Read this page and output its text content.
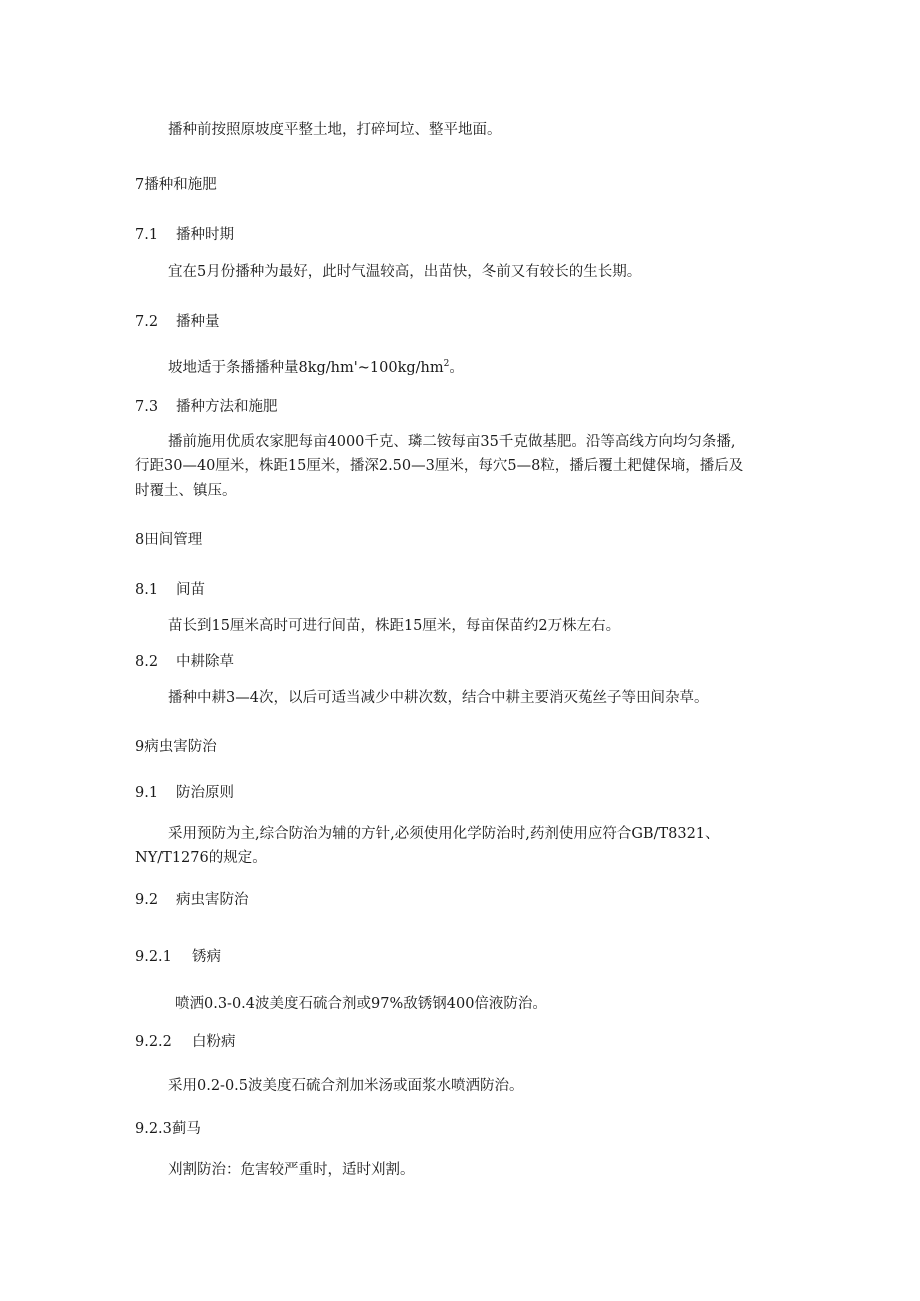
播种前按照原坡度平整土地，打碎坷垃、整平地面。
7播种和施肥
7.1 播种时期
宜在5月份播种为最好，此时气温较高，出苗快，冬前又有较长的生长期。
7.2 播种量
坡地适于条播播种量$8kg/hm'\sim 100kg/hm^2$。
7.3 播种方法和施肥
播前施用优质农家肥每亩4000千克、璘二铵每亩35千克做基肥。沿等高线方向均匀条播,
行距30—40厘米，株距15厘米，播深2.50—3厘米，每穴5—8粒，播后覆土耙健保墒，播后及
时覆土、镇压。
8田间管理
8.1 间苗
苗长到15厘米高时可进行间苗，株距15厘米，每亩保苗约2万株左右。
8.2 中耕除草
播种中耕3—4次，以后可适当减少中耕次数，结合中耕主要消灭菟丝子等田间杂草。
9病虫害防治
9.1 防治原则
采用预防为主,综合防治为辅的方针,必须使用化学防治时,药剂使用应符合GB/T8321、
NY/T1276的规定。
9.2 病虫害防治
9.2.1 锈病
喷洒0.3-0.4波美度石硫合剂或97%敌锈钢400倍液防治。
9.2.2 白粉病
采用0.2-0.5波美度石硫合剂加米汤或面浆水喷洒防治。
9.2.3蓟马
刈割防治：危害较严重时，适时刈割。
